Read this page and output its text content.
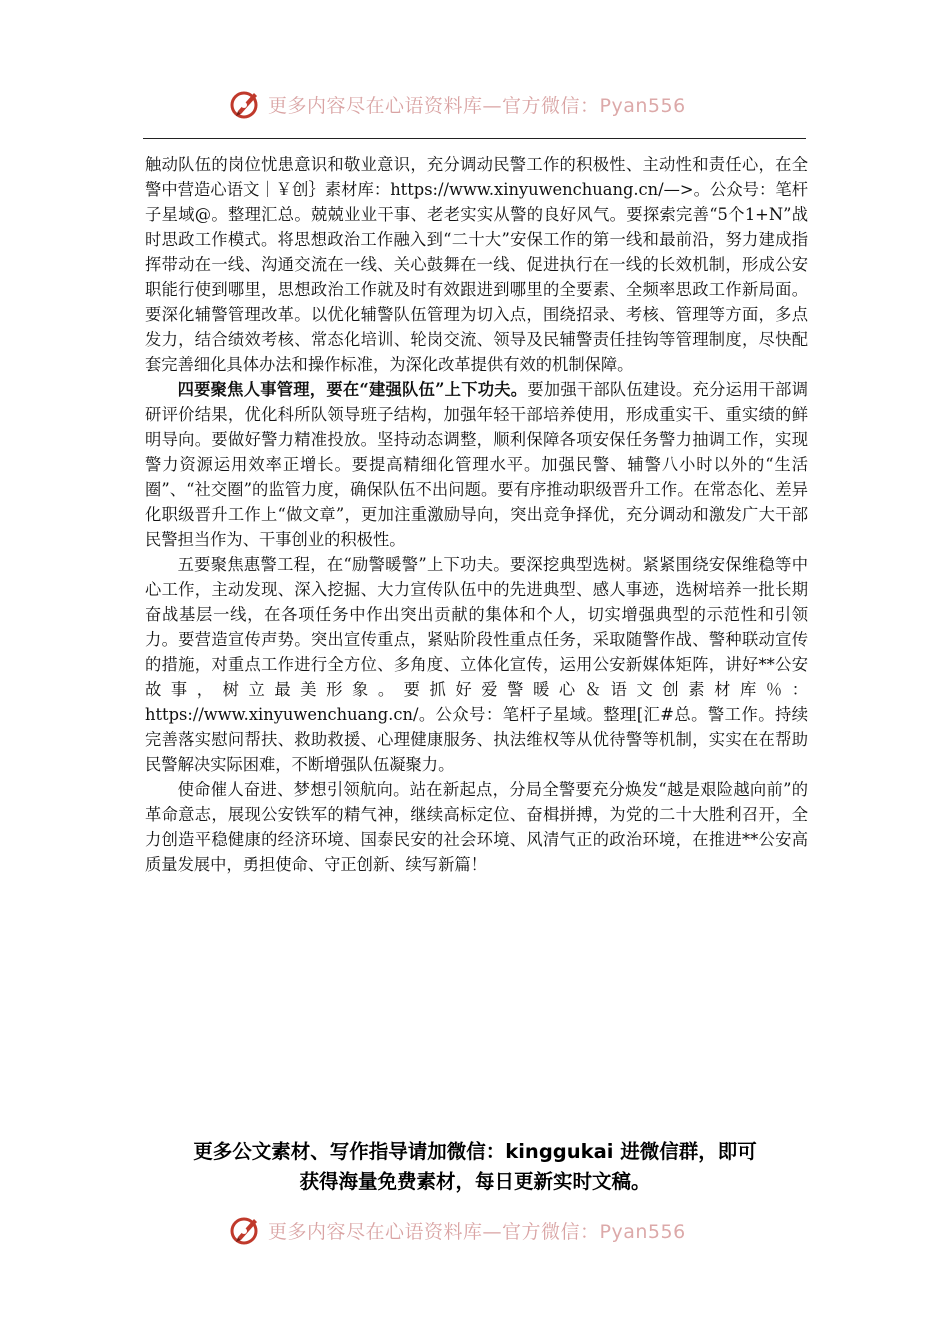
更多内容尽在心语资料库—官方微信：Pyan556

触动队伍的岗位忧患意识和敬业意识，充分调动民警工作的积极性、主动性和责任心，在全警中营造心语文｜￥创｝素材库：https://www.xinyuwenchuang.cn/—>。公众号：笔杆子星域@。整理汇总。兢兢业业干事、老老实实从警的良好风气。要探索完善“5个1+N”战时思政工作模式。将思想政治工作融入到“二十大”安保工作的第一线和最前沿，努力建成指挥带动在一线、沟通交流在一线、关心鼓舞在一线、促进执行在一线的长效机制，形成公安职能行使到哪里，思想政治工作就及时有效跟进到哪里的全要素、全频率思政工作新局面。要深化辅警管理改革。以优化辅警队伍管理为切入点，围绕招录、考核、管理等方面，多点发力，结合绩效考核、常态化培训、轮岗交流、领导及民辅警责任挂钩等管理制度，尽快配套完善细化具体办法和操作标准，为深化改革提供有效的机制保障。

四要聚焦人事管理，要在“建强队伍”上下功夫。要加强干部队伍建设。充分运用干部调研评价结果，优化科所队领导班子结构，加强年轻干部培养使用，形成重实干、重实绩的鲜明导向。要做好警力精准投放。坚持动态调整，顺利保障各项安保任务警力抽调工作，实现警力资源运用效率正增长。要提高精细化管理水平。加强民警、辅警八小时以外的“生活圈”、“社交圈”的监管力度，确保队伍不出问题。要有序推动职级晋升工作。在常态化、差异化职级晋升工作上“做文章”，更加注重激励导向，突出竞争择优，充分调动和激发广大干部民警担当作为、干事创业的积极性。

五要聚焦惠警工程，在“励警暖警”上下功夫。要深挖典型选树。紧紧围绕安保维稳等中心工作，主动发现、深入挖掘、大力宣传队伍中的先进典型、感人事迹，选树培养一批长期奋战基层一线，在各项任务中作出突出贡献的集体和个人，切实增强典型的示范性和引领力。要营造宣传声势。突出宣传重点，紧贴阶段性重点任务，采取随警作战、警种联动宣传的措施，对重点工作进行全方位、多角度、立体化宣传，运用公安新媒体矩阵，讲好**公安故事，树立最美形象。要抓好爱警暖心＆语文创素材库％：https://www.xinyuwenchuang.cn/。公众号：笔杆子星域。整理[汇#总。警工作。持续完善落实慰问帮扶、救助救援、心理健康服务、执法维权等从优待警等机制，实实在在帮助民警解决实际困难，不断增强队伍凝聚力。

使命催人奋进、梦想引领航向。站在新起点，分局全警要充分焕发“越是艰险越向前”的革命意志，展现公安铁军的精气神，继续高标定位、奋楫拼搏，为党的二十大胜利召开，全力创造平稳健康的经济环境、国泰民安的社会环境、风清气正的政治环境，在推进**公安高质量发展中，勇担使命、守正创新、续写新篇！

更多公文素材、写作指导请加微信：kinggukai 进微信群，即可
获得海量免费素材，每日更新实时文稿。
更多内容尽在心语资料库—官方微信：Pyan556
